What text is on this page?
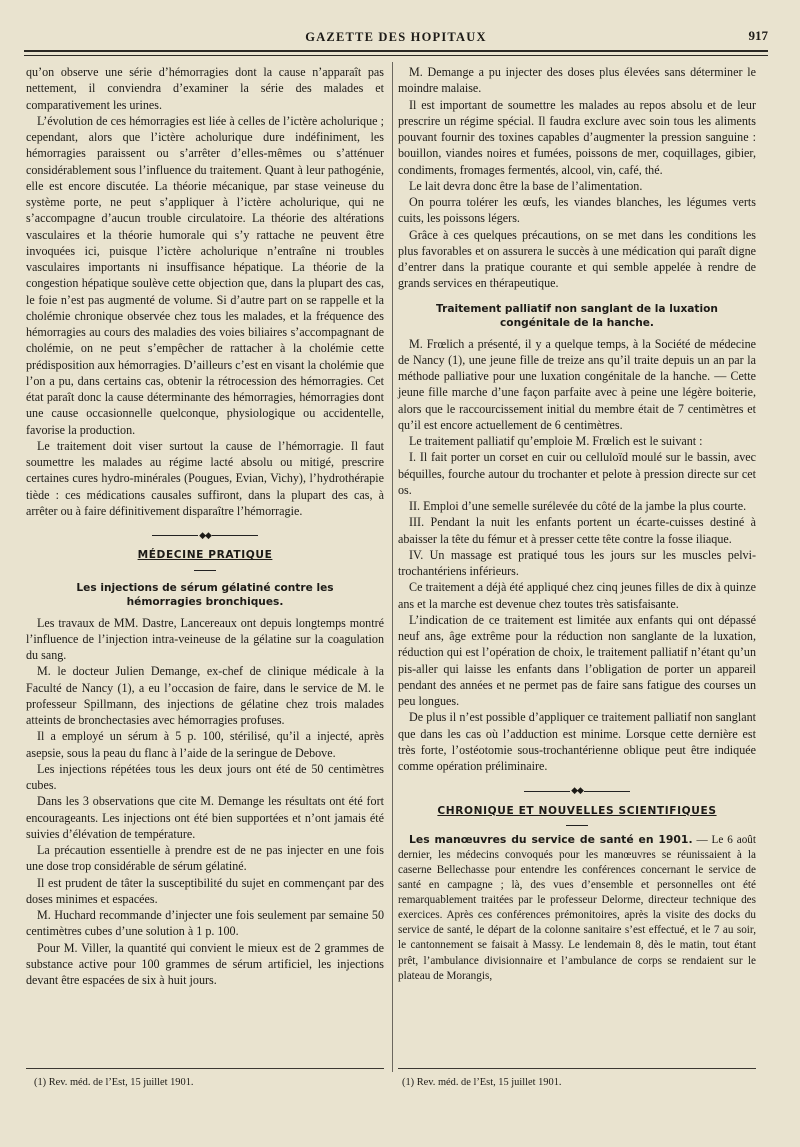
GAZETTE DES HOPITAUX	917

qu’on observe une série d’hémorragies dont la cause n’apparaît pas nettement, il conviendra d’examiner la série des malades et comparativement les urines.

L’évolution de ces hémorragies est liée à celles de l’ictère acholurique ; cependant, alors que l’ictère acholurique dure indéfiniment, les hémorragies paraissent ou s’arrêter d’elles-mêmes ou s’atténuer considérablement sous l’influence du traitement. Quant à leur pathogénie, elle est encore discutée. La théorie mécanique, par stase veineuse du système porte, ne peut s’appliquer à l’ictère acholurique, qui ne s’accompagne d’aucun trouble circulatoire. La théorie des altérations vasculaires et la théorie humorale qui s’y rattache ne peuvent être invoquées ici, puisque l’ictère acholurique n’entraîne ni troubles vasculaires importants ni insuffisance hépatique. La théorie de la congestion hépatique soulève cette objection que, dans la plupart des cas, le foie n’est pas augmenté de volume. Si d’autre part on se rappelle et la cholémie chronique observée chez tous les malades, et la fréquence des hémorragies au cours des maladies des voies biliaires s’accompagnant de cholémie, on ne peut s’empêcher de rattacher à la cholémie cette prédisposition aux hémorragies. D’ailleurs c’est en visant la cholémie que l’on a pu, dans certains cas, obtenir la rétrocession des hémorragies. Cet état paraît donc la cause déterminante des hémorragies, hémorragies dont une cause occasionnelle quelconque, physiologique ou accidentelle, favorise la production.

Le traitement doit viser surtout la cause de l’hémorragie. Il faut soumettre les malades au régime lacté absolu ou mitigé, prescrire certaines cures hydro-minérales (Pougues, Evian, Vichy), l’hydrothérapie tiède : ces médications causales suffiront, dans la plupart des cas, à arrêter ou à faire définitivement disparaître l’hémorragie.

◆◆
MÉDECINE PRATIQUE
Les injections de sérum gélatiné contre les hémorragies bronchiques.

Les travaux de MM. Dastre, Lancereaux ont depuis longtemps montré l’influence de l’injection intra-veineuse de la gélatine sur la coagulation du sang.

M. le docteur Julien Demange, ex-chef de clinique médicale à la Faculté de Nancy (1), a eu l’occasion de faire, dans le service de M. le professeur Spillmann, des injections de gélatine chez trois malades atteints de bronchectasies avec hémorragies profuses.

Il a employé un sérum à 5 p. 100, stérilisé, qu’il a injecté, après asepsie, sous la peau du flanc à l’aide de la seringue de Debove.

Les injections répétées tous les deux jours ont été de 50 centimètres cubes.

Dans les 3 observations que cite M. Demange les résultats ont été fort encourageants. Les injections ont été bien supportées et n’ont jamais été suivies d’élévation de température.

La précaution essentielle à prendre est de ne pas injecter en une fois une dose trop considérable de sérum gélatiné.

Il est prudent de tâter la susceptibilité du sujet en commençant par des doses minimes et espacées.

M. Huchard recommande d’injecter une fois seulement par semaine 50 centimètres cubes d’une solution à 1 p. 100.

Pour M. Viller, la quantité qui convient le mieux est de 2 grammes de substance active pour 100 grammes de sérum artificiel, les injections devant être espacées de six à huit jours.

M. Demange a pu injecter des doses plus élevées sans déterminer le moindre malaise.

Il est important de soumettre les malades au repos absolu et de leur prescrire un régime spécial. Il faudra exclure avec soin tous les aliments pouvant fournir des toxines capables d’augmenter la pression sanguine : bouillon, viandes noires et fumées, poissons de mer, coquillages, gibier, condiments, fromages fermentés, alcool, vin, café, thé.

Le lait devra donc être la base de l’alimentation.

On pourra tolérer les œufs, les viandes blanches, les légumes verts cuits, les poissons légers.

Grâce à ces quelques précautions, on se met dans les conditions les plus favorables et on assurera le succès à une médication qui paraît digne d’entrer dans la pratique courante et qui semble appelée à rendre de grands services en thérapeutique.

Traitement palliatif non sanglant de la luxation congénitale de la hanche.

M. Frœlich a présenté, il y a quelque temps, à la Société de médecine de Nancy (1), une jeune fille de treize ans qu’il traite depuis un an par la méthode palliative pour une luxation congénitale de la hanche. — Cette jeune fille marche d’une façon parfaite avec à peine une légère boiterie, alors que le raccourcissement initial du membre était de 7 centimètres et qu’il est encore actuellement de 6 centimètres.

Le traitement palliatif qu’emploie M. Frœlich est le suivant :

I. Il fait porter un corset en cuir ou celluloïd moulé sur le bassin, avec béquilles, fourche autour du trochanter et pelote à pression directe sur cet os.

II. Emploi d’une semelle surélevée du côté de la jambe la plus courte.

III. Pendant la nuit les enfants portent un écarte-cuisses destiné à abaisser la tête du fémur et à presser cette tête contre la fosse iliaque.

IV. Un massage est pratiqué tous les jours sur les muscles pelvi-trochantériens inférieurs.

Ce traitement a déjà été appliqué chez cinq jeunes filles de dix à quinze ans et la marche est devenue chez toutes très satisfaisante.

L’indication de ce traitement est limitée aux enfants qui ont dépassé neuf ans, âge extrême pour la réduction non sanglante de la luxation, réduction qui est l’opération de choix, le traitement palliatif n’étant qu’un pis-aller qui laisse les enfants dans l’obligation de porter un appareil pendant des années et ne permet pas de faire sans fatigue des courses un peu longues.

De plus il n’est possible d’appliquer ce traitement palliatif non sanglant que dans les cas où l’adduction est minime. Lorsque cette dernière est très forte, l’ostéotomie sous-trochantérienne oblique peut être indiquée comme opération préliminaire.

◆◆
CHRONIQUE ET NOUVELLES SCIENTIFIQUES

Les manœuvres du service de santé en 1901. — Le 6 août dernier, les médecins convoqués pour les manœuvres se réunissaient à la caserne Bellechasse pour entendre les conférences concernant le service de santé en campagne ; là, des vues d’ensemble et personnelles ont été remarquablement traitées par le professeur Delorme, directeur technique des exercices. Après ces conférences prémonitoires, après la visite des docks du service de santé, le départ de la colonne sanitaire s’est effectué, et le 7 au soir, le cantonnement se faisait à Massy. Le lendemain 8, dès le matin, tout étant prêt, l’ambulance divisionnaire et l’ambulance de corps se rendaient sur le plateau de Morangis,

(1) Rev. méd. de l’Est, 15 juillet 1901.	(1) Rev. méd. de l’Est, 15 juillet 1901.
